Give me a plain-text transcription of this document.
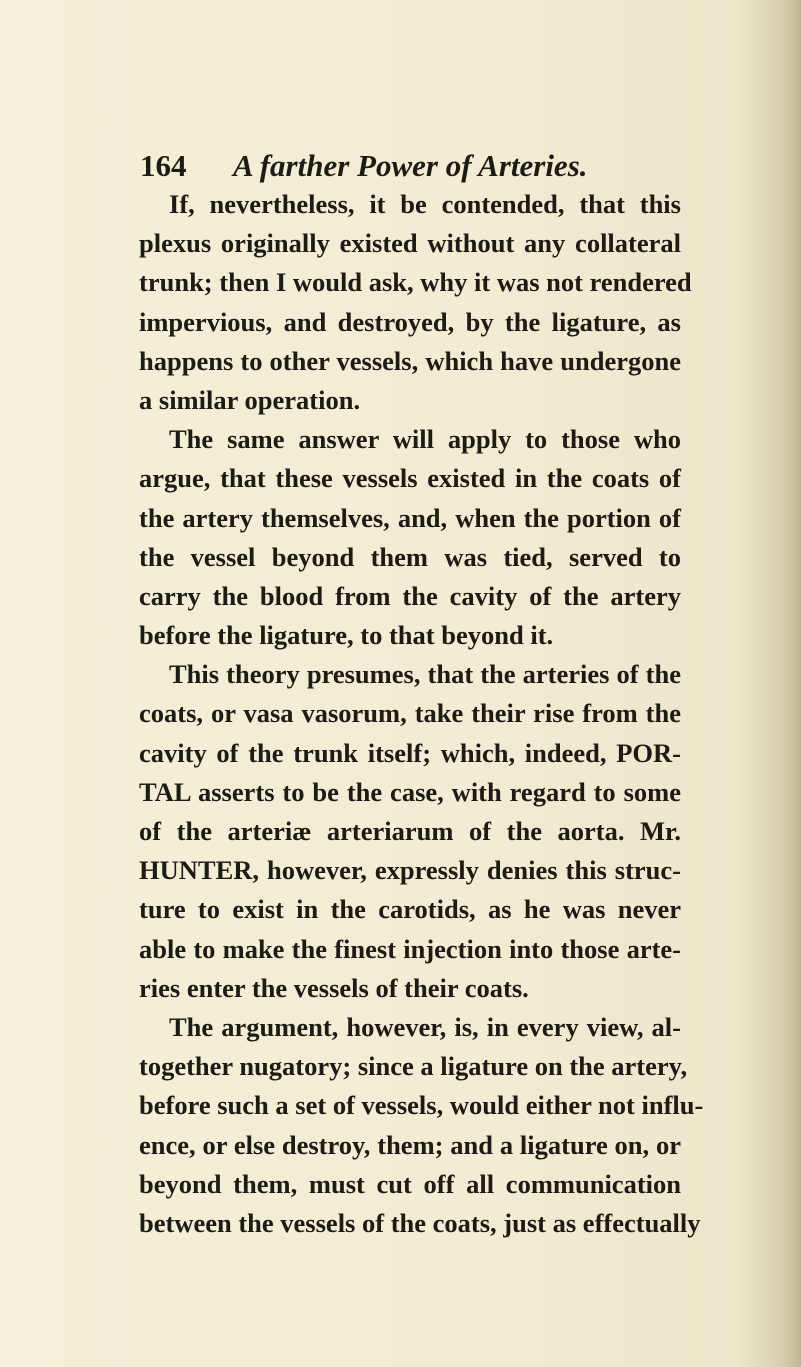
164 A farther Power of Arteries.
If, nevertheless, it be contended, that this
plexus originally existed without any collateral
trunk; then I would ask, why it was not rendered
impervious, and destroyed, by the ligature, as
happens to other vessels, which have undergone
a similar operation.
The same answer will apply to those who
argue, that these vessels existed in the coats of
the artery themselves, and, when the portion of
the vessel beyond them was tied, served to
carry the blood from the cavity of the artery
before the ligature, to that beyond it.
This theory presumes, that the arteries of the
coats, or vasa vasorum, take their rise from the
cavity of the trunk itself; which, indeed, POR-
TAL asserts to be the case, with regard to some
of the arteriæ arteriarum of the aorta. Mr.
HUNTER, however, expressly denies this struc-
ture to exist in the carotids, as he was never
able to make the finest injection into those arte-
ries enter the vessels of their coats.
The argument, however, is, in every view, al-
together nugatory; since a ligature on the artery,
before such a set of vessels, would either not influ-
ence, or else destroy, them; and a ligature on, or
beyond them, must cut off all communication
between the vessels of the coats, just as effectually
